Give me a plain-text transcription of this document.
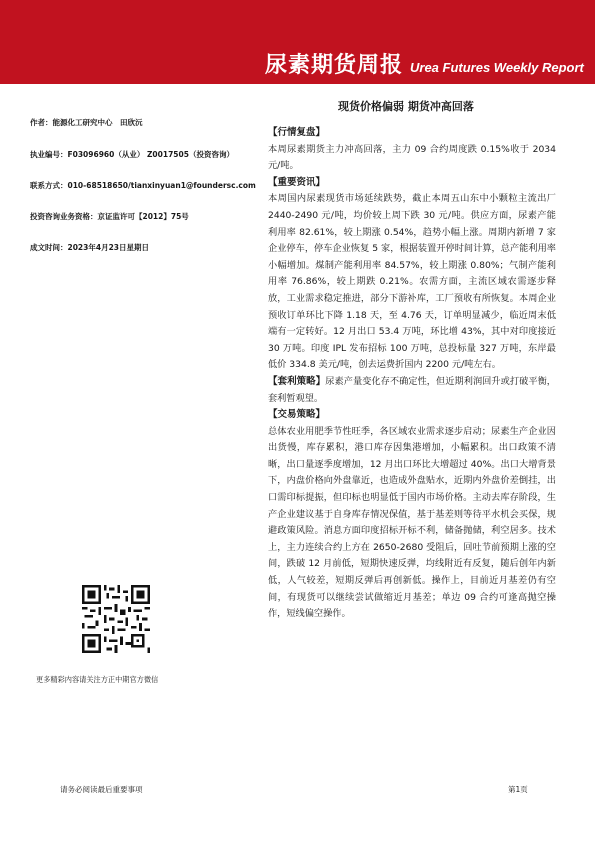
尿素期货周报 Urea Futures Weekly Report
现货价格偏弱 期货冲高回落
作者：能源化工研究中心　田欣沅
执业编号：F03096960（从业） Z0017505（投资咨询）
联系方式：010-68518650/tianxinyuan1@foundersc.com
投资咨询业务资格：京证监许可【2012】75号
成文时间：2023年4月23日星期日

【行情复盘】

本周尿素期货主力冲高回落，主力 09 合约周度跌 0.15%收于 2034 元/吨。

【重要资讯】

本周国内尿素现货市场延续跌势，截止本周五山东中小颗粒主流出厂 2440-2490 元/吨，均价较上周下跌 30 元/吨。供应方面，尿素产能利用率 82.61%，较上期涨 0.54%，趋势小幅上涨。周期内新增 7 家企业停车，停车企业恢复 5 家，根据装置开停时间计算，总产能利用率小幅增加。煤制产能利用率 84.57%，较上期涨 0.80%；气制产能利用率 76.86%，较上期跌 0.21%。农需方面，主流区域农需逐步释放，工业需求稳定推进，部分下游补库，工厂预收有所恢复。本周企业预收订单环比下降 1.18 天，至 4.76 天，订单明显减少，临近周末低端有一定转好。12 月出口 53.4 万吨，环比增 43%，其中对印度接近 30 万吨。印度 IPL 发布招标 100 万吨，总投标量 327 万吨，东岸最低价 334.8 美元/吨，创去运费折国内 2200 元/吨左右。

【套利策略】尿素产量变化存不确定性，但近期利润回升或打破平衡，套利暂观望。

【交易策略】

总体农业用肥季节性旺季，各区域农业需求逐步启动；尿素生产企业因出货慢，库存累积，港口库存因集港增加，小幅累积。出口政策不清晰，出口量逐季度增加，12 月出口环比大增超过 40%。出口大增背景下，内盘价格向外盘靠近，也造成外盘贴水，近期内外盘价差倒挂，出口需印标提振，但印标也明显低于国内市场价格。主动去库存阶段，生产企业建议基于自身库存情况保值，基于基差则等待平水机会买保，规避政策风险。消息方面印度招标开标不利，储备抛储，利空居多。技术上，主力连续合约上方在 2650-2680 受阻后，回吐节前预期上涨的空间，跌破 12 月前低，短期快速反弹，均线附近有反复，随后创年内新低，人气较差，短期反弹后再创新低。操作上，目前近月基差仍有空间，有现货可以继续尝试做缩近月基差；单边 09 合约可逢高抛空操作，短线偏空操作。

更多精彩内容请关注方正中期官方微信
请务必阅读最后重要事项	第1页
